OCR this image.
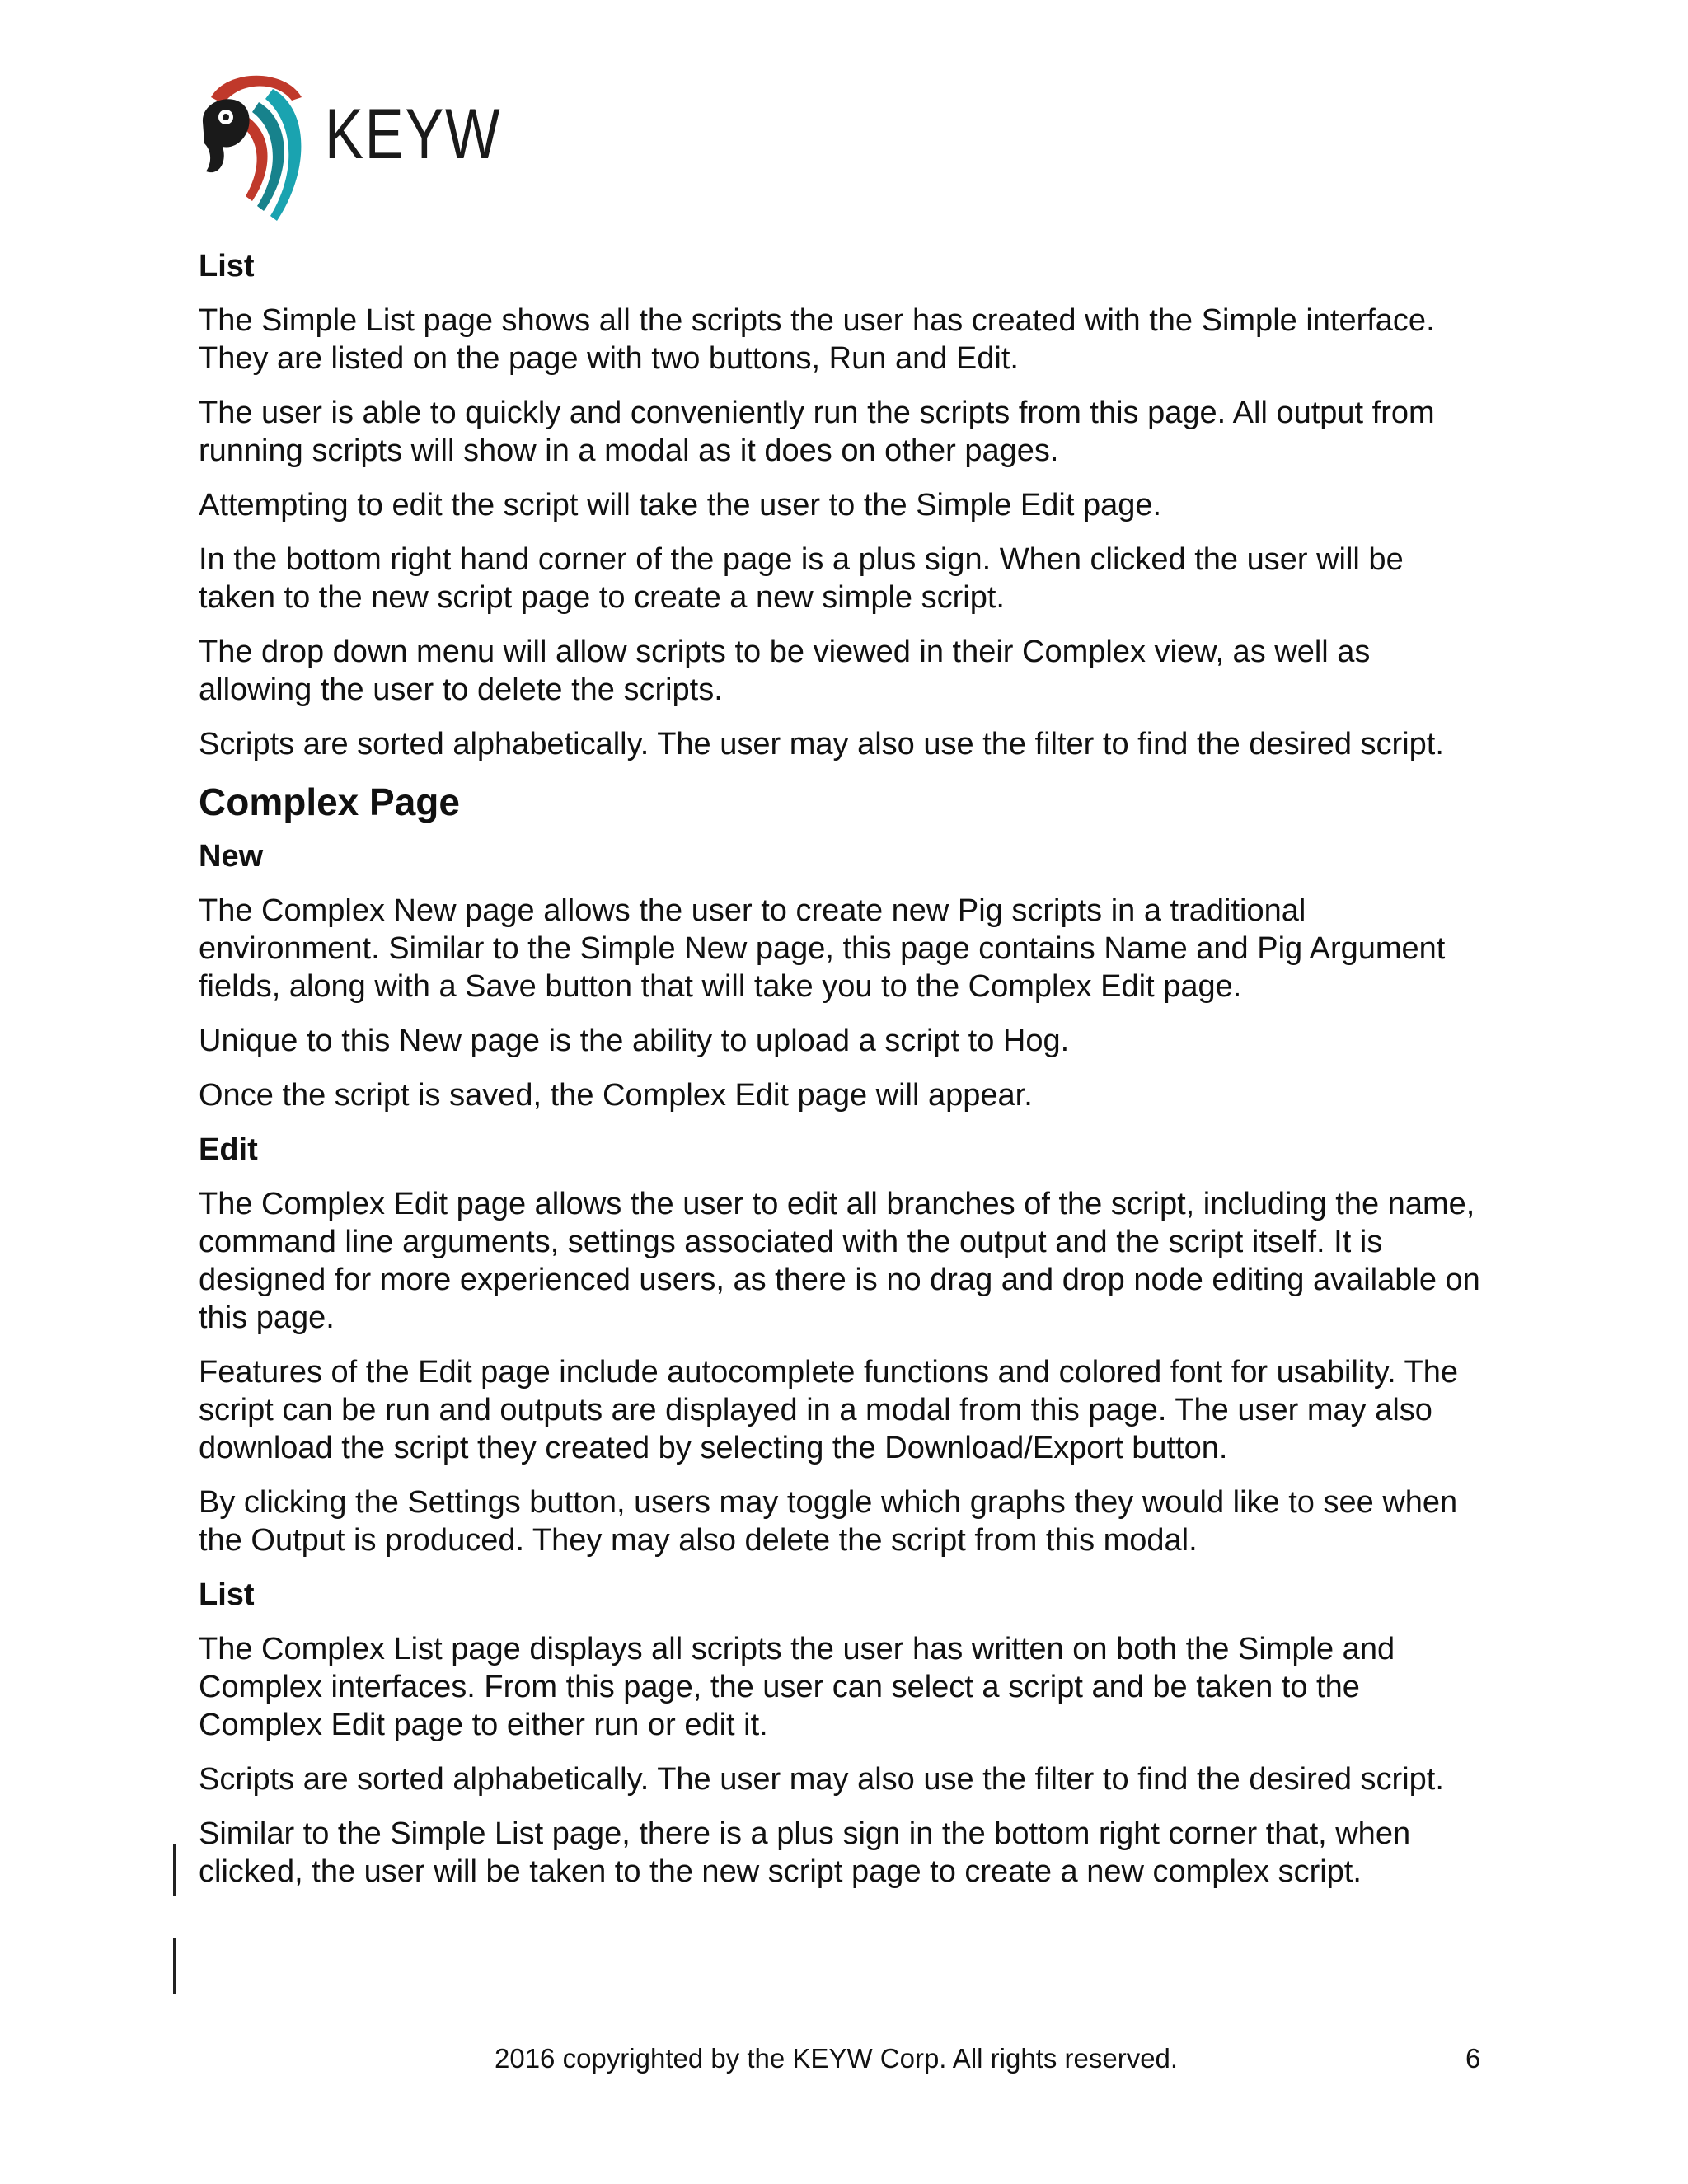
KEYW
List
The Simple List page shows all the scripts the user has created with the Simple interface. They are listed on the page with two buttons, Run and Edit.
The user is able to quickly and conveniently run the scripts from this page. All output from running scripts will show in a modal as it does on other pages.
Attempting to edit the script will take the user to the Simple Edit page.
In the bottom right hand corner of the page is a plus sign. When clicked the user will be taken to the new script page to create a new simple script.
The drop down menu will allow scripts to be viewed in their Complex view, as well as allowing the user to delete the scripts.
Scripts are sorted alphabetically. The user may also use the filter to find the desired script.
Complex Page
New
The Complex New page allows the user to create new Pig scripts in a traditional environment. Similar to the Simple New page, this page contains Name and Pig Argument fields, along with a Save button that will take you to the Complex Edit page.
Unique to this New page is the ability to upload a script to Hog.
Once the script is saved, the Complex Edit page will appear.
Edit
The Complex Edit page allows the user to edit all branches of the script, including the name, command line arguments, settings associated with the output and the script itself. It is designed for more experienced users, as there is no drag and drop node editing available on this page.
Features of the Edit page include autocomplete functions and colored font for usability. The script can be run and outputs are displayed in a modal from this page. The user may also download the script they created by selecting the Download/Export button.
By clicking the Settings button, users may toggle which graphs they would like to see when the Output is produced. They may also delete the script from this modal.
List
The Complex List page displays all scripts the user has written on both the Simple and Complex interfaces. From this page, the user can select a script and be taken to the Complex Edit page to either run or edit it.
Scripts are sorted alphabetically. The user may also use the filter to find the desired script.
Similar to the Simple List page, there is a plus sign in the bottom right corner that, when clicked, the user will be taken to the new script page to create a new complex script.
2016 copyrighted by the KEYW Corp. All rights reserved.	6
